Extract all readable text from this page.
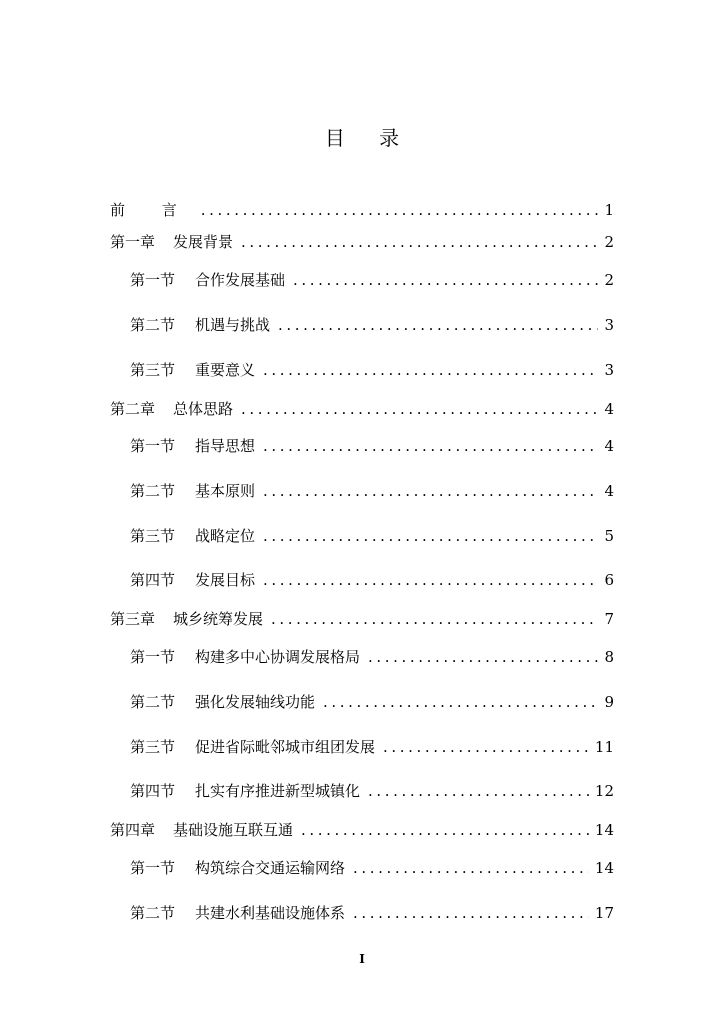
目 录
前 言 .....	1
第一章 发展背景 .....	2
第一节 合作发展基础 .....	2
第二节 机遇与挑战 .....	3
第三节 重要意义 .....	3
第二章 总体思路 .....	4
第一节 指导思想 .....	4
第二节 基本原则 .....	4
第三节 战略定位 .....	5
第四节 发展目标 .....	6
第三章 城乡统筹发展 .....	7
第一节 构建多中心协调发展格局 .....	8
第二节 强化发展轴线功能 .....	9
第三节 促进省际毗邻城市组团发展 .....	11
第四节 扎实有序推进新型城镇化 .....	12
第四章 基础设施互联互通 .....	14
第一节 构筑综合交通运输网络 .....	14
第二节 共建水利基础设施体系 .....	17
I
